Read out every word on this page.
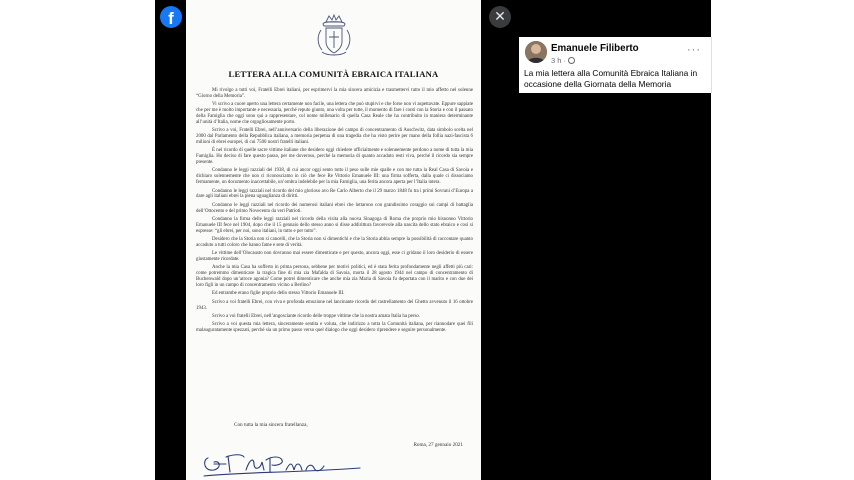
f	✕
LETTERA ALLA COMUNITÀ EBRAICA ITALIANA

Mi rivolgo a tutti voi, Fratelli Ebrei italiani, per esprimervi la mia sincera amicizia e trasmettervi tutto il mio affetto nel solenne “Giorno della Memoria”.

Vi scrivo a cuore aperto una lettera certamente non facile, una lettera che può stupirvi e che forse non vi aspettavate. Eppure sappiate che per me è molto importante e necessaria, perché reputo giunto, una volta per tutte, il momento di fare i conti con la Storia e con il passato della Famiglia che oggi sono qui a rappresentare, col nome millenario di quella Casa Reale che ha contribuito in maniera determinante all’unità d’Italia, nome che orgogliosamente porto.

Scrivo a voi, Fratelli Ebrei, nell’anniversario della liberazione del campo di concentramento di Auschwitz, data simbolo scelta nel 2000 dal Parlamento della Repubblica italiana, a memoria perpetua di una tragedia che ha visto perire per mano della follia nazi-fascista 6 milioni di ebrei europei, di cui 7500 nostri fratelli italiani.

È nel ricordo di quelle sacre vittime italiane che desidero oggi chiedere ufficialmente e solennemente perdono a nome di tutta la mia Famiglia. Ho deciso di fare questo passo, per me doveroso, perché la memoria di quanto accaduto resti viva, perché il ricordo sia sempre presente.

Condanno le leggi razziali del 1938, di cui ancor oggi sento tutto il peso sulle mie spalle e con me tutta la Real Casa di Savoia e dichiaro solennemente che non ci riconosciamo in ciò che fece Re Vittorio Emanuele III: una firma sofferta, dalla quale ci dissociamo fermamente, un documento inaccettabile, un’ombra indelebile per la mia Famiglia, una ferita ancora aperta per l’Italia intera.

Condanno le leggi razziali nel ricordo del mio glorioso avo Re Carlo Alberto che il 29 marzo 1848 fu tra i primi Sovrani d’Europa a dare agli italiani ebrei la piena uguaglianza di diritti.

Condanno le leggi razziali nel ricordo dei numerosi italiani ebrei che lottarono con grandissimo coraggio sui campi di battaglia dell’Ottocento e del primo Novecento da veri Patrioti.

Condanno la firma delle leggi razziali nel ricordo della visita alla nuova Sinagoga di Roma che proprio mio bisnonno Vittorio Emanuele III fece nel 1904, dopo che il 15 gennaio dello stesso anno si disse addirittura favorevole alla nascita dello stato ebraico e così si espresse: “gli ebrei, per noi, sono italiani, in tutto e per tutto”.

Desidero che la Storia non si cancelli, che la Storia non si dimentichi e che la Storia abbia sempre la possibilità di raccontare quanto accaduto a tutti coloro che hanno fame e sete di verità.

Le vittime dell’Olocausto non dovranno mai essere dimenticate e per questo, ancora oggi, esse ci gridano il loro desiderio di essere giustamente ricordate.

Anche la mia Casa ha sofferto in prima persona, sebbene per motivi politici, ed è stata ferita profondamente negli affetti più cari: come potremmo dimenticare la tragica fine di mia zia Mafalda di Savoia, morta il 28 agosto 1944 nel campo di concentramento di Buchenwald dopo un’atroce agonia? Come potrei dimenticare che anche mia zia Maria di Savoia fu deportata con il marito e con due dei loro figli in un campo di concentramento vicino a Berlino?

Ed entrambe erano figlie proprio dello stesso Vittorio Emanuele III.

Scrivo a voi fratelli Ebrei, con viva e profonda emozione nel lancinante ricordo del rastrellamento del Ghetto avvenuto il 16 ottobre 1943.

Scrivo a voi fratelli Ebrei, nell’angosciante ricordo delle troppe vittime che la nostra amata Italia ha perso.

Scrivo a voi questa mia lettera, sinceramente sentita e voluta, che indirizzo a tutta la Comunità italiana, per riannodare quei fili malauguratamente spezzati, perché sia un primo passo verso quel dialogo che oggi desidero riprendere e seguire personalmente.

Con tutta la mia sincera fratellanza,
Roma, 27 gennaio 2021
Emanuele Filiberto
3 h ·
···
La mia lettera alla Comunità Ebraica Italiana in occasione della Giornata della Memoria
